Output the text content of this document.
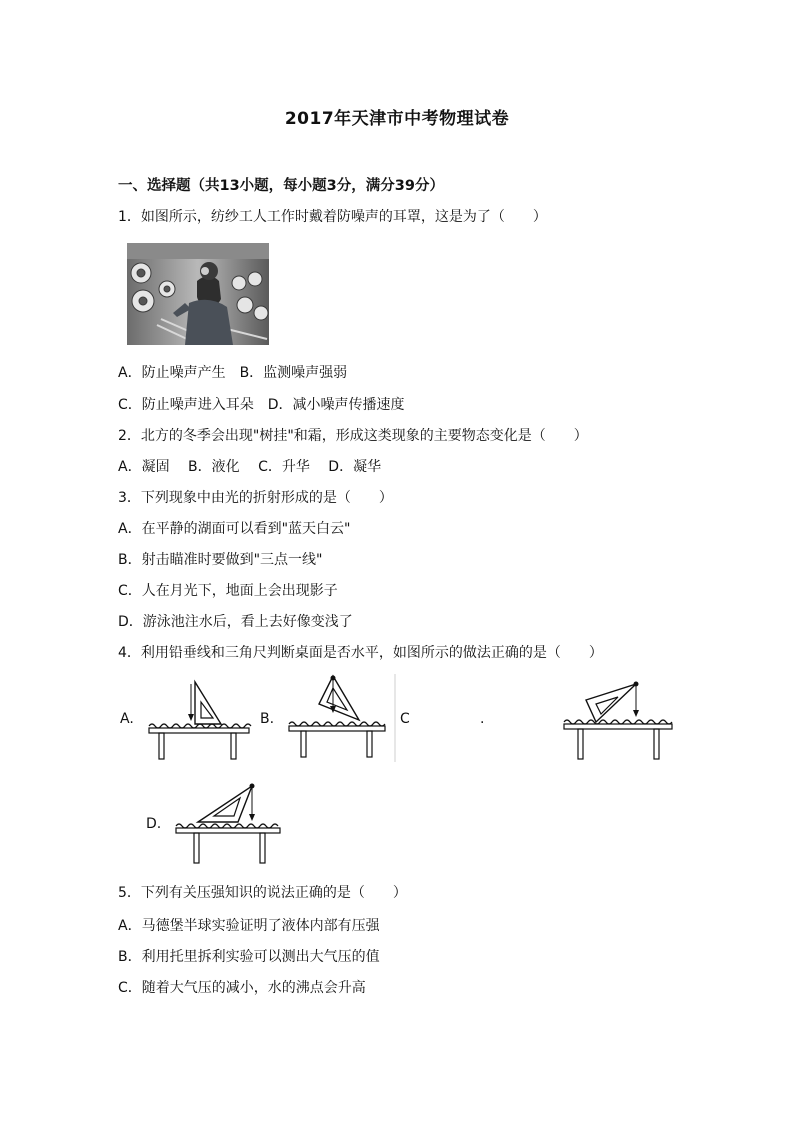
2017年天津市中考物理试卷
一、选择题（共13小题，每小题3分，满分39分）
1．如图所示，纺纱工人工作时戴着防噪声的耳罩，这是为了（　　）
A．防止噪声产生　B．监测噪声强弱
C．防止噪声进入耳朵　D．减小噪声传播速度
2．北方的冬季会出现"树挂"和霜，形成这类现象的主要物态变化是（　　）
A．凝固　 B．液化　 C．升华　 D．凝华
3．下列现象中由光的折射形成的是（　　）
A．在平静的湖面可以看到"蓝天白云"
B．射击瞄准时要做到"三点一线"
C．人在月光下，地面上会出现影子
D．游泳池注水后，看上去好像变浅了
4．利用铅垂线和三角尺判断桌面是否水平，如图所示的做法正确的是（　　）
A.	B.	C	.
D.
5．下列有关压强知识的说法正确的是（　　）
A．马德堡半球实验证明了液体内部有压强
B．利用托里拆利实验可以测出大气压的值
C．随着大气压的减小，水的沸点会升高
